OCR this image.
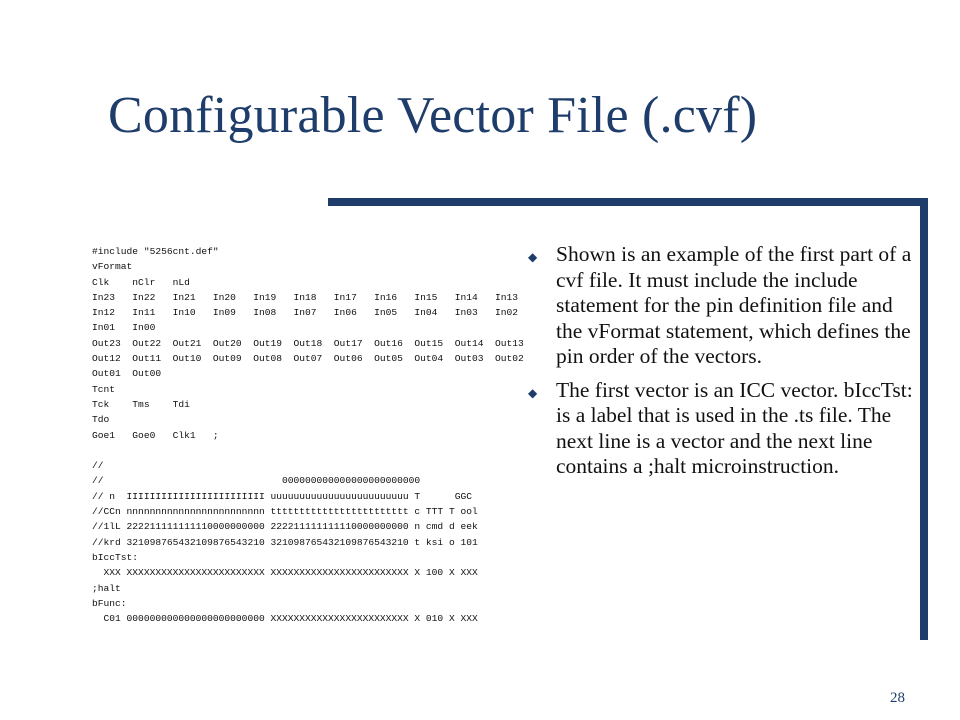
Configurable Vector File (.cvf)
#include "5256cnt.def"
vFormat
Clk    nClr   nLd
In23   In22   In21   In20   In19   In18   In17   In16   In15   In14   In13
In12   In11   In10   In09   In08   In07   In06   In05   In04   In03   In02
In01   In00
Out23  Out22  Out21  Out20  Out19  Out18  Out17  Out16  Out15  Out14  Out13
Out12  Out11  Out10  Out09  Out08  Out07  Out06  Out05  Out04  Out03  Out02
Out01  Out00
Tcnt
Tck    Tms    Tdi
Tdo
Goe1   Goe0   Clk1   ;
//
//                               000000000000000000000000
// n  IIIIIIIIIIIIIIIIIIIIIIII uuuuuuuuuuuuuuuuuuuuuuuu T      GGC
//CCn nnnnnnnnnnnnnnnnnnnnnnnn tttttttttttttttttttttttt c TTT T ool
//1lL 222211111111110000000000 222211111111110000000000 n cmd d eek
//krd 321098765432109876543210 321098765432109876543210 t ksi o 101
bIccTst:
XXX XXXXXXXXXXXXXXXXXXXXXXXX XXXXXXXXXXXXXXXXXXXXXXXX X 100 X XXX
;halt
bFunc:
C01 000000000000000000000000 XXXXXXXXXXXXXXXXXXXXXXXX X 010 X XXX
◆ Shown is an example of the first part of a cvf file. It must include the include statement for the pin definition file and the vFormat statement, which defines the pin order of the vectors.
◆ The first vector is an ICC vector. bIccTst: is a label that is used in the .ts file. The next line is a vector and the next line contains a ;halt microinstruction.
28
